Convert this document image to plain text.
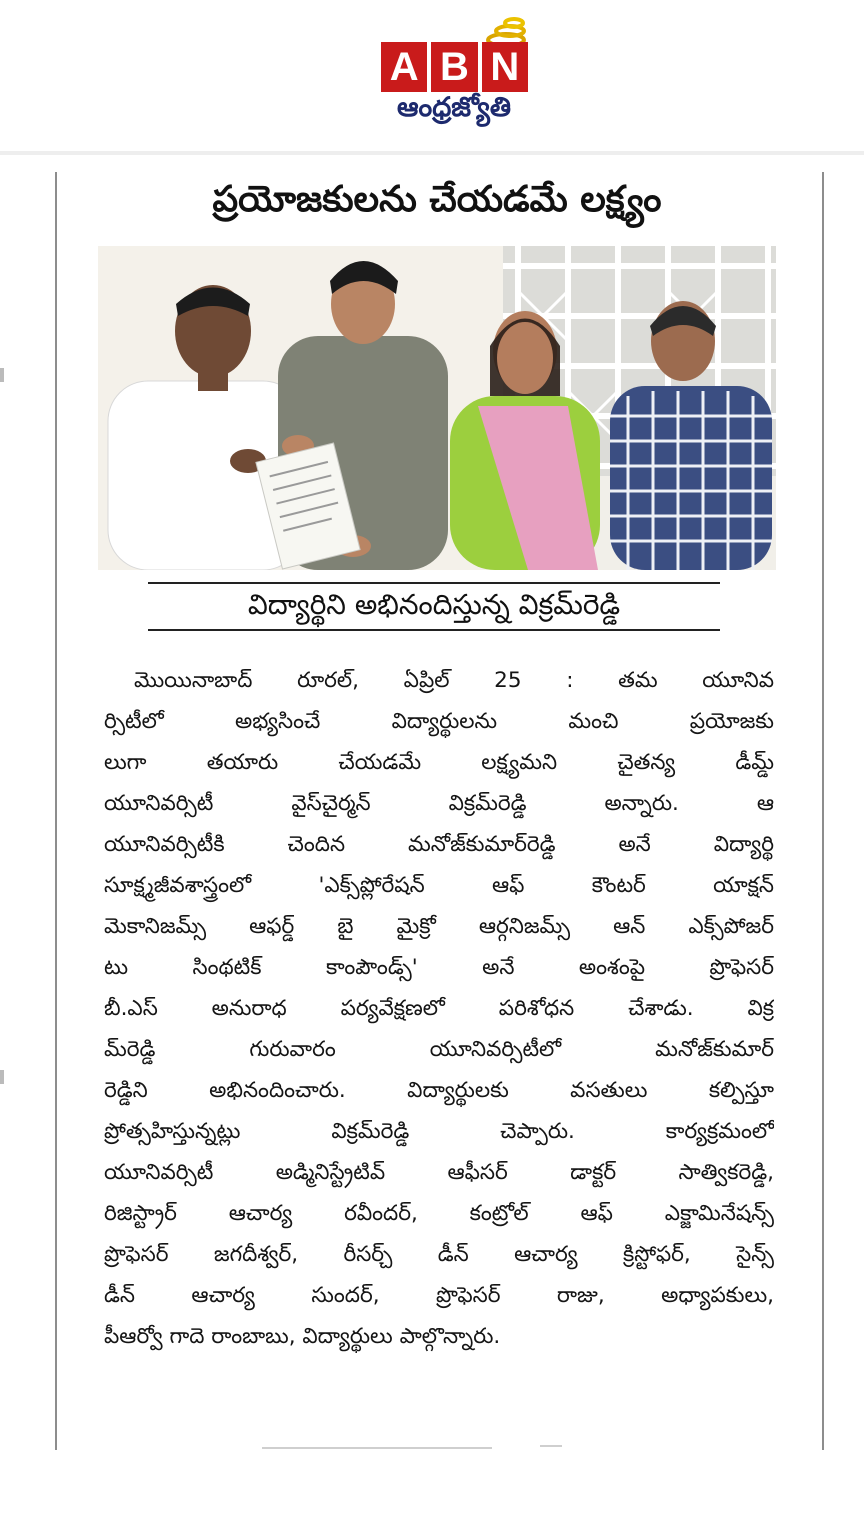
A B N
ఆంధ్రజ్యోతి
ప్రయోజకులను చేయడమే లక్ష్యం
విద్యార్థిని అభినందిస్తున్న విక్రమ్‌రెడ్డి
మొయినాబాద్ రూరల్, ఏప్రిల్ 25 : తమ యూనివ
ర్సిటీలో అభ్యసించే విద్యార్థులను మంచి ప్రయోజకు
లుగా తయారు చేయడమే లక్ష్యమని చైతన్య డీమ్డ్
యూనివర్సిటీ వైస్‌చైర్మన్ విక్రమ్‌రెడ్డి అన్నారు. ఆ
యూనివర్సిటీకి చెందిన మనోజ్‌కుమార్‌రెడ్డి అనే విద్యార్థి
సూక్ష్మజీవశాస్త్రంలో 'ఎక్స్‌ప్లోరేషన్ ఆఫ్ కౌంటర్ యాక్షన్
మెకానిజమ్స్ ఆఫర్డ్ బై మైక్రో ఆర్గనిజమ్స్ ఆన్ ఎక్స్‌పోజర్
టు సింథటిక్ కాంపౌండ్స్' అనే అంశంపై ప్రొఫెసర్
బీ.ఎస్ అనురాధ పర్యవేక్షణలో పరిశోధన చేశాడు. విక్ర
మ్‌రెడ్డి గురువారం యూనివర్సిటీలో మనోజ్‌కుమార్
రెడ్డిని అభినందించారు. విద్యార్థులకు వసతులు కల్పిస్తూ
ప్రోత్సహిస్తున్నట్లు విక్రమ్‌రెడ్డి చెప్పారు. కార్యక్రమంలో
యూనివర్సిటీ అడ్మినిస్ట్రేటివ్ ఆఫీసర్ డాక్టర్ సాత్వికరెడ్డి,
రిజిస్ట్రార్ ఆచార్య రవీందర్, కంట్రోల్ ఆఫ్ ఎక్జామినేషన్స్
ప్రొఫెసర్ జగదీశ్వర్, రీసర్చ్ డీన్ ఆచార్య క్రిస్టోఫర్, సైన్స్
డీన్ ఆచార్య సుందర్, ప్రొఫెసర్ రాజు, అధ్యాపకులు,
పీఆర్వో గాదె రాంబాబు, విద్యార్థులు పాల్గొన్నారు.
